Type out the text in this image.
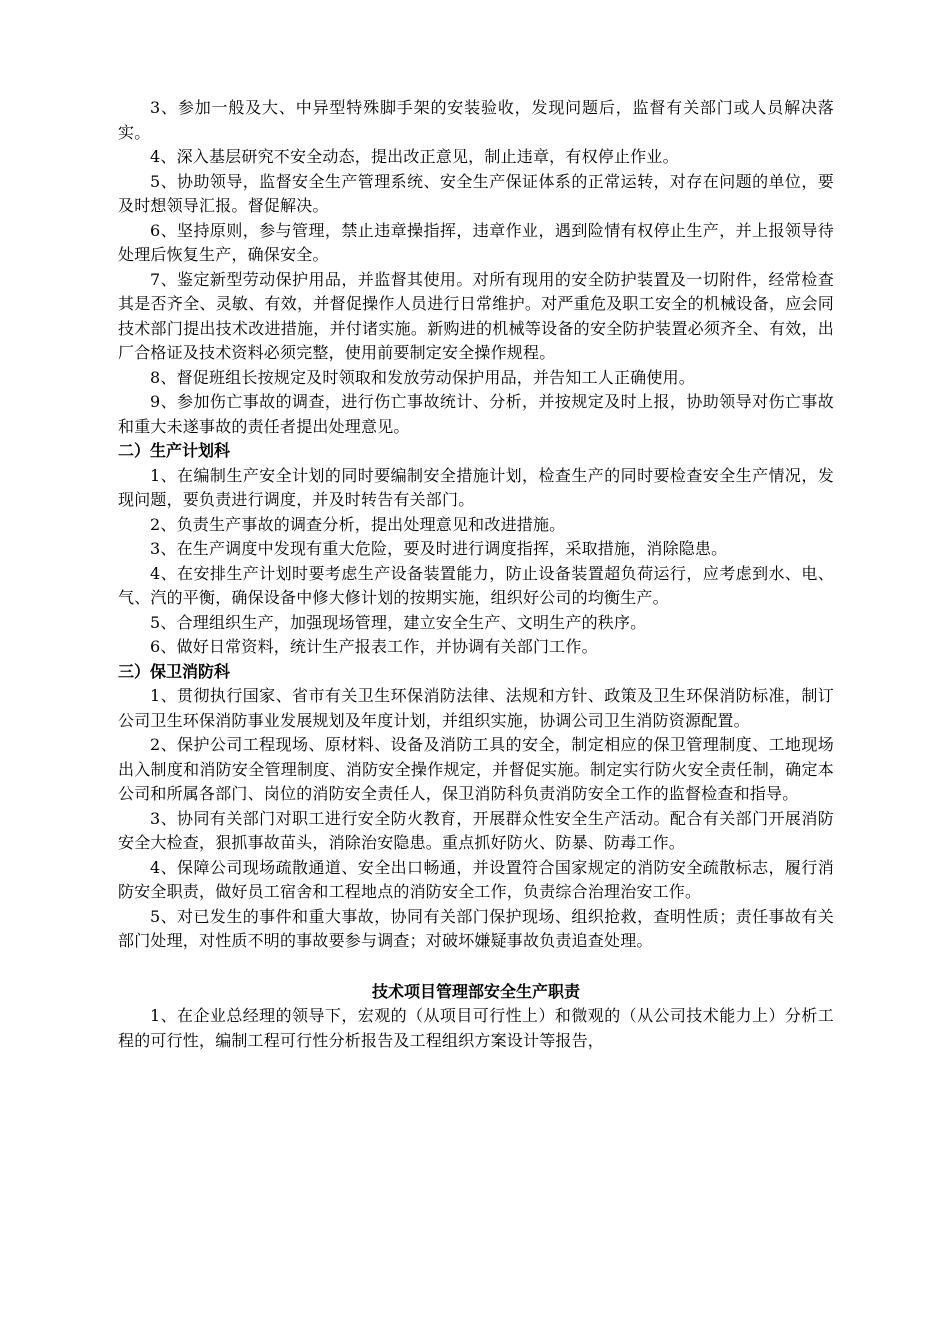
3、参加一般及大、中异型特殊脚手架的安装验收，发现问题后，监督有关部门或人员解决落实。

4、深入基层研究不安全动态，提出改正意见，制止违章，有权停止作业。

5、协助领导，监督安全生产管理系统、安全生产保证体系的正常运转，对存在问题的单位，要及时想领导汇报。督促解决。

6、坚持原则，参与管理，禁止违章操指挥，违章作业，遇到险情有权停止生产，并上报领导待处理后恢复生产，确保安全。

7、鉴定新型劳动保护用品，并监督其使用。对所有现用的安全防护装置及一切附件，经常检查其是否齐全、灵敏、有效，并督促操作人员进行日常维护。对严重危及职工安全的机械设备，应会同技术部门提出技术改进措施，并付诸实施。新购进的机械等设备的安全防护装置必须齐全、有效，出厂合格证及技术资料必须完整，使用前要制定安全操作规程。

8、督促班组长按规定及时领取和发放劳动保护用品，并告知工人正确使用。

9、参加伤亡事故的调查，进行伤亡事故统计、分析，并按规定及时上报，协助领导对伤亡事故和重大未遂事故的责任者提出处理意见。

二）生产计划科

1、在编制生产安全计划的同时要编制安全措施计划，检查生产的同时要检查安全生产情况，发现问题，要负责进行调度，并及时转告有关部门。

2、负责生产事故的调查分析，提出处理意见和改进措施。

3、在生产调度中发现有重大危险，要及时进行调度指挥，采取措施，消除隐患。

4、在安排生产计划时要考虑生产设备装置能力，防止设备装置超负荷运行，应考虑到水、电、气、汽的平衡，确保设备中修大修计划的按期实施，组织好公司的均衡生产。

5、合理组织生产，加强现场管理，建立安全生产、文明生产的秩序。

6、做好日常资料，统计生产报表工作，并协调有关部门工作。

三）保卫消防科

1、贯彻执行国家、省市有关卫生环保消防法律、法规和方针、政策及卫生环保消防标准，制订公司卫生环保消防事业发展规划及年度计划，并组织实施，协调公司卫生消防资源配置。

2、保护公司工程现场、原材料、设备及消防工具的安全，制定相应的保卫管理制度、工地现场出入制度和消防安全管理制度、消防安全操作规定，并督促实施。制定实行防火安全责任制，确定本公司和所属各部门、岗位的消防安全责任人，保卫消防科负责消防安全工作的监督检查和指导。

3、协同有关部门对职工进行安全防火教育，开展群众性安全生产活动。配合有关部门开展消防安全大检查，狠抓事故苗头，消除治安隐患。重点抓好防火、防暴、防毒工作。

4、保障公司现场疏散通道、安全出口畅通，并设置符合国家规定的消防安全疏散标志，履行消防安全职责，做好员工宿舍和工程地点的消防安全工作，负责综合治理治安工作。

5、对已发生的事件和重大事故，协同有关部门保护现场、组织抢救，查明性质；责任事故有关部门处理，对性质不明的事故要参与调查；对破坏嫌疑事故负责追查处理。

技术项目管理部安全生产职责

1、在企业总经理的领导下，宏观的（从项目可行性上）和微观的（从公司技术能力上）分析工程的可行性，编制工程可行性分析报告及工程组织方案设计等报告，
